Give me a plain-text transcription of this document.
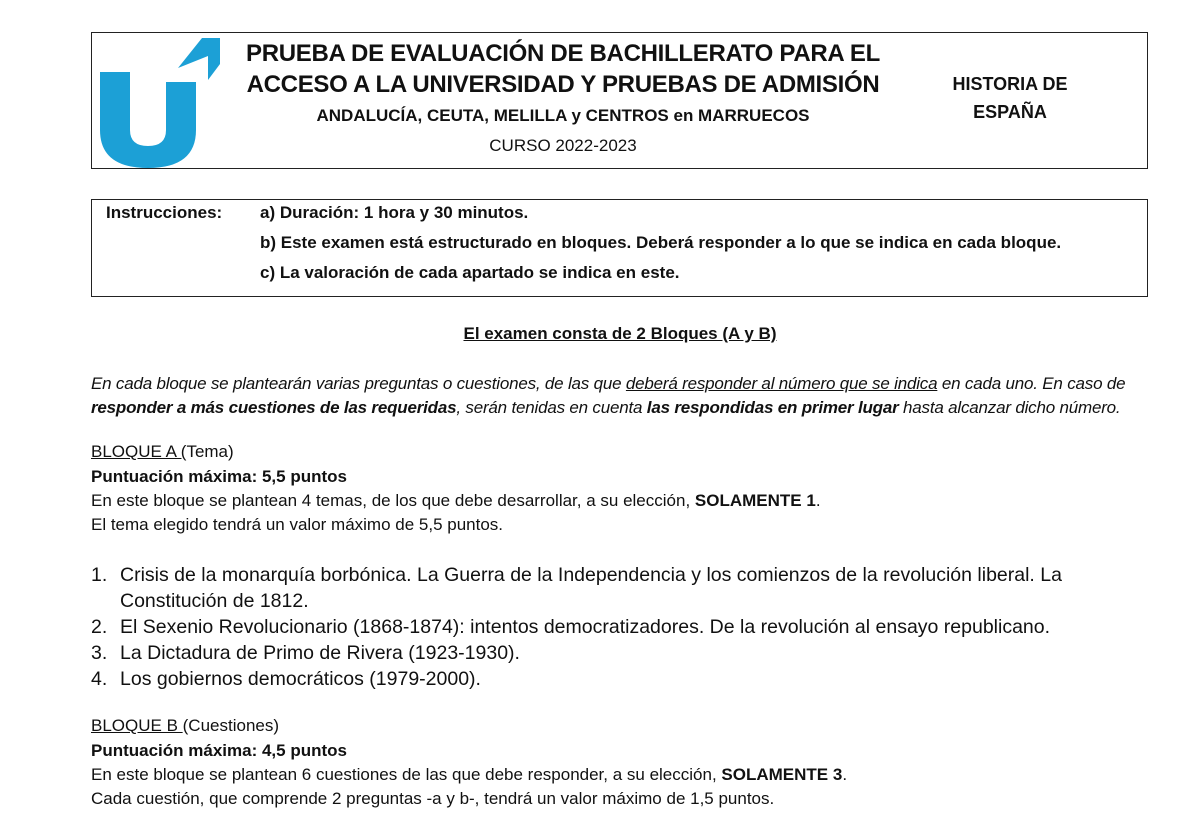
PRUEBA DE EVALUACIÓN DE BACHILLERATO PARA EL
ACCESO A LA UNIVERSIDAD Y PRUEBAS DE ADMISIÓN
ANDALUCÍA, CEUTA, MELILLA y CENTROS en MARRUECOS
CURSO 2022-2023
HISTORIA DE
ESPAÑA
Instrucciones: a) Duración: 1 hora y 30 minutos.
b) Este examen está estructurado en bloques. Deberá responder a lo que se indica en cada bloque.
c) La valoración de cada apartado se indica en este.
El examen consta de 2 Bloques (A y B)
En cada bloque se plantearán varias preguntas o cuestiones, de las que deberá responder al número que se indica en cada uno. En caso de responder a más cuestiones de las requeridas, serán tenidas en cuenta las respondidas en primer lugar hasta alcanzar dicho número.
BLOQUE A (Tema)
Puntuación máxima: 5,5 puntos
En este bloque se plantean 4 temas, de los que debe desarrollar, a su elección, SOLAMENTE 1.
El tema elegido tendrá un valor máximo de 5,5 puntos.
1. Crisis de la monarquía borbónica. La Guerra de la Independencia y los comienzos de la revolución liberal. La
Constitución de 1812.
2. El Sexenio Revolucionario (1868-1874): intentos democratizadores. De la revolución al ensayo republicano.
3. La Dictadura de Primo de Rivera (1923-1930).
4. Los gobiernos democráticos (1979-2000).
BLOQUE B (Cuestiones)
Puntuación máxima: 4,5 puntos
En este bloque se plantean 6 cuestiones de las que debe responder, a su elección, SOLAMENTE 3.
Cada cuestión, que comprende 2 preguntas -a y b-, tendrá un valor máximo de 1,5 puntos.
